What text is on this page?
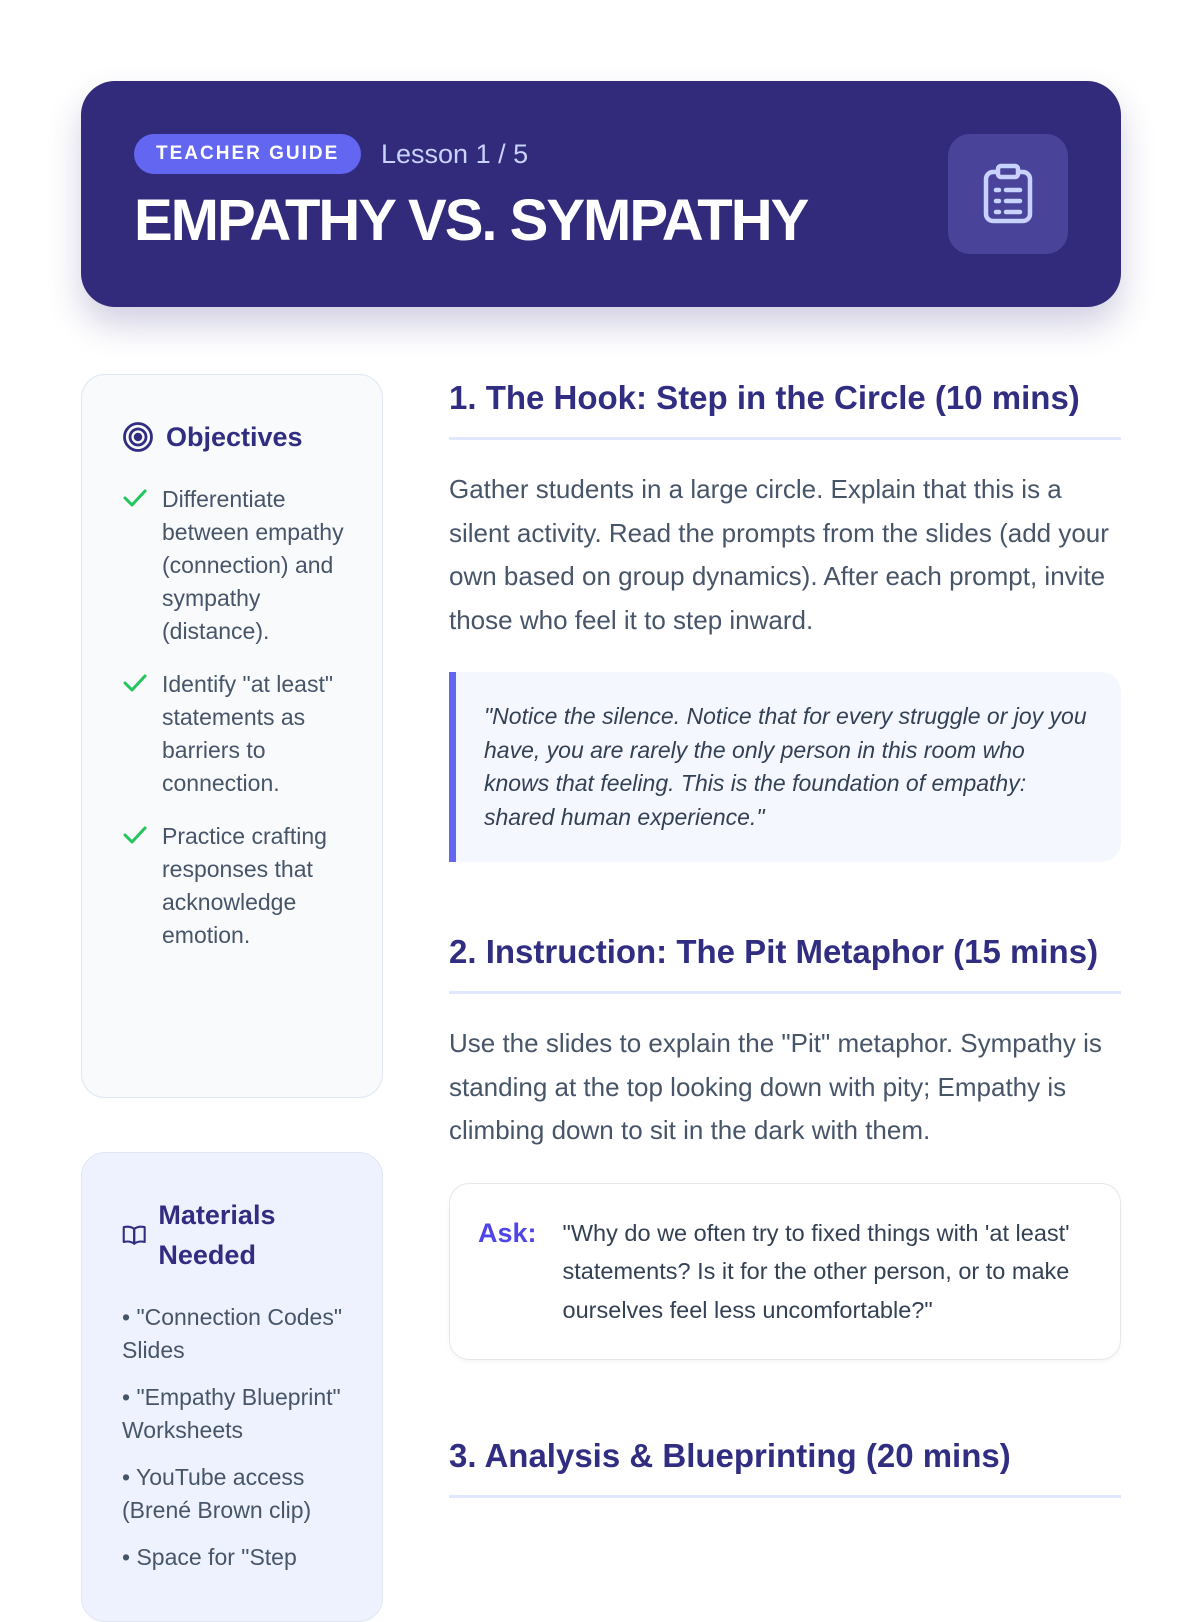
TEACHER GUIDE	Lesson 1 / 5
EMPATHY VS. SYMPATHY
Objectives
Differentiate between empathy (connection) and sympathy (distance).
Identify "at least" statements as barriers to connection.
Practice crafting responses that acknowledge emotion.
Materials Needed
• "Connection Codes" Slides
• "Empathy Blueprint" Worksheets
• YouTube access (Brené Brown clip)
• Space for "Step
1. The Hook: Step in the Circle (10 mins)

Gather students in a large circle. Explain that this is a silent activity. Read the prompts from the slides (add your own based on group dynamics). After each prompt, invite those who feel it to step inward.

"Notice the silence. Notice that for every struggle or joy you have, you are rarely the only person in this room who knows that feeling. This is the foundation of empathy: shared human experience."

2. Instruction: The Pit Metaphor (15 mins)

Use the slides to explain the "Pit" metaphor. Sympathy is standing at the top looking down with pity; Empathy is climbing down to sit in the dark with them.

Ask: "Why do we often try to fixed things with 'at least' statements? Is it for the other person, or to make ourselves feel less uncomfortable?"

3. Analysis & Blueprinting (20 mins)
